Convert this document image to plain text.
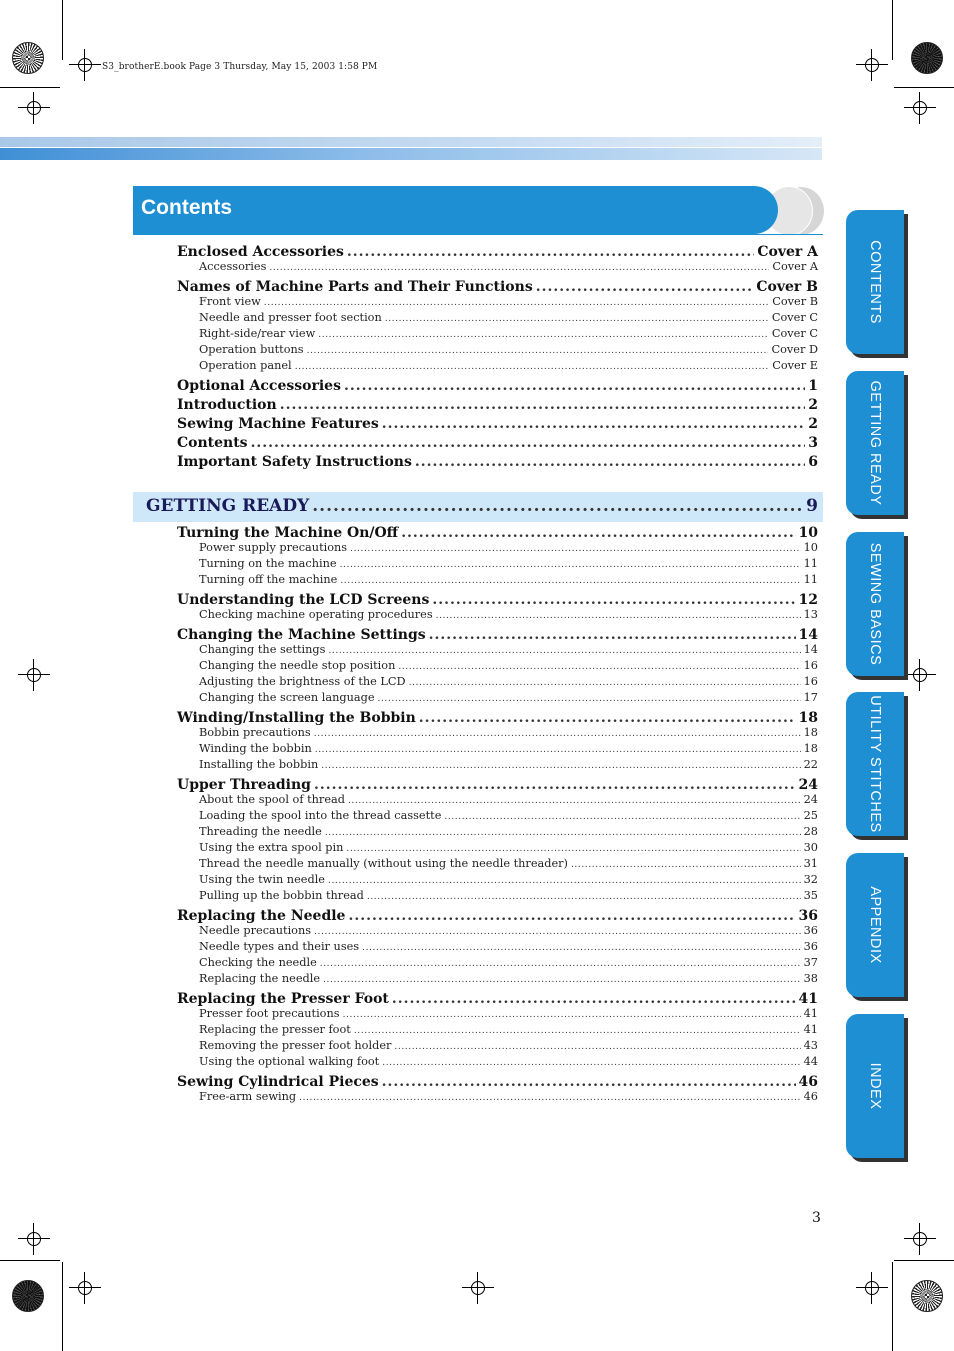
S3_brotherE.book Page 3 Thursday, May 15, 2003 1:58 PM
Contents
Enclosed Accessories .....	Cover A
Accessories .....	Cover A
Names of Machine Parts and Their Functions .....	Cover B
Front view .....	Cover B
Needle and presser foot section .....	Cover C
Right-side/rear view .....	Cover C
Operation buttons .....	Cover D
Operation panel .....	Cover E
Optional Accessories .....	1
Introduction .....	2
Sewing Machine Features .....	2
Contents .....	3
Important Safety Instructions .....	6
GETTING READY .....	9
Turning the Machine On/Off .....	10
Power supply precautions .....	10
Turning on the machine .....	11
Turning off the machine .....	11
Understanding the LCD Screens .....	12
Checking machine operating procedures .....	13
Changing the Machine Settings .....	14
Changing the settings .....	14
Changing the needle stop position .....	16
Adjusting the brightness of the LCD .....	16
Changing the screen language .....	17
Winding/Installing the Bobbin .....	18
Bobbin precautions .....	18
Winding the bobbin .....	18
Installing the bobbin .....	22
Upper Threading .....	24
About the spool of thread .....	24
Loading the spool into the thread cassette .....	25
Threading the needle .....	28
Using the extra spool pin .....	30
Thread the needle manually (without using the needle threader) .....	31
Using the twin needle .....	32
Pulling up the bobbin thread .....	35
Replacing the Needle .....	36
Needle precautions .....	36
Needle types and their uses .....	36
Checking the needle .....	37
Replacing the needle .....	38
Replacing the Presser Foot .....	41
Presser foot precautions .....	41
Replacing the presser foot .....	41
Removing the presser foot holder .....	43
Using the optional walking foot .....	44
Sewing Cylindrical Pieces .....	46
Free-arm sewing .....	46
CONTENTS
GETTING READY
SEWING BASICS
UTILITY STITCHES
APPENDIX
INDEX
3
